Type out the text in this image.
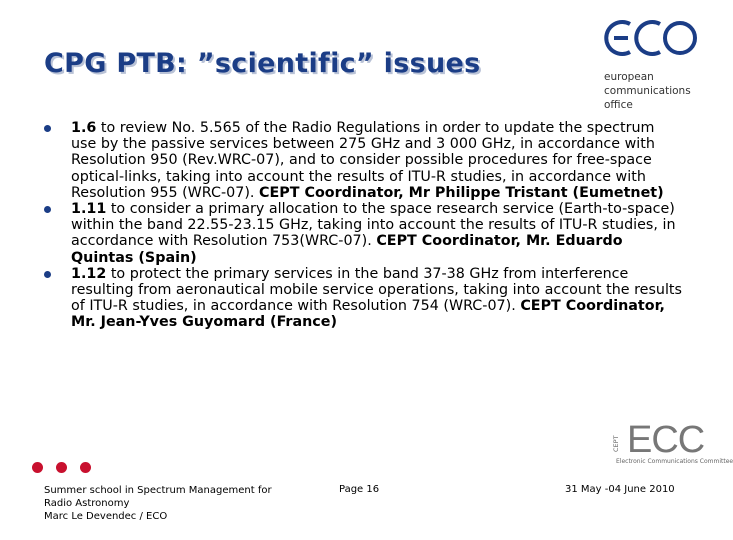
CPG PTB: ”scientific” issues	european
communications
office
1.6 to review No. 5.565 of the Radio Regulations in order to update the spectrum use by the passive services between 275 GHz and 3 000 GHz, in accordance with Resolution 950 (Rev.WRC-07), and to consider possible procedures for free-space optical-links, taking into account the results of ITU-R studies, in accordance with Resolution 955 (WRC-07). CEPT Coordinator, Mr Philippe Tristant (Eumetnet)
1.11 to consider a primary allocation to the space research service (Earth-to-space) within the band 22.55-23.15 GHz, taking into account the results of ITU-R studies, in accordance with Resolution 753(WRC-07). CEPT Coordinator, Mr. Eduardo Quintas (Spain)
1.12 to protect the primary services in the band 37-38 GHz from interference resulting from aeronautical mobile service operations, taking into account the results of ITU-R studies, in accordance with Resolution 754 (WRC-07). CEPT Coordinator, Mr. Jean-Yves Guyomard (France)
CEPT ECC
Electronic Communications Committee
Summer school in Spectrum Management for
Radio Astronomy
Marc Le Devendec / ECO
Page 16	31 May -04 June 2010
